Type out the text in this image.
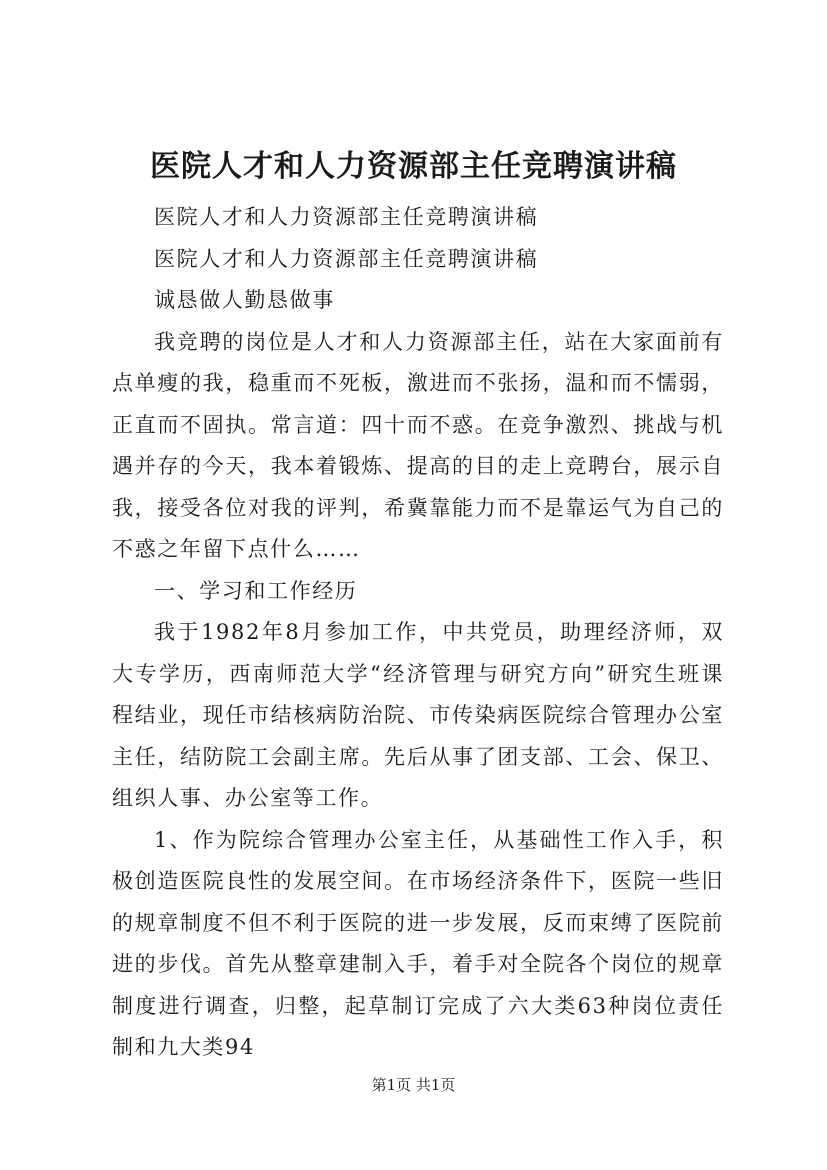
医院人才和人力资源部主任竞聘演讲稿

医院人才和人力资源部主任竞聘演讲稿

医院人才和人力资源部主任竞聘演讲稿

诚恳做人勤恳做事

我竞聘的岗位是人才和人力资源部主任，站在大家面前有点单瘦的我，稳重而不死板，激进而不张扬，温和而不懦弱，正直而不固执。常言道：四十而不惑。在竞争激烈、挑战与机遇并存的今天，我本着锻炼、提高的目的走上竞聘台，展示自我，接受各位对我的评判，希冀靠能力而不是靠运气为自己的不惑之年留下点什么……

一、学习和工作经历

我于1982年8月参加工作，中共党员，助理经济师，双大专学历，西南师范大学“经济管理与研究方向”研究生班课程结业，现任市结核病防治院、市传染病医院综合管理办公室主任，结防院工会副主席。先后从事了团支部、工会、保卫、组织人事、办公室等工作。

1、作为院综合管理办公室主任，从基础性工作入手，积极创造医院良性的发展空间。在市场经济条件下，医院一些旧的规章制度不但不利于医院的进一步发展，反而束缚了医院前进的步伐。首先从整章建制入手，着手对全院各个岗位的规章制度进行调查，归整，起草制订完成了六大类63种岗位责任制和九大类94

第1页 共1页
